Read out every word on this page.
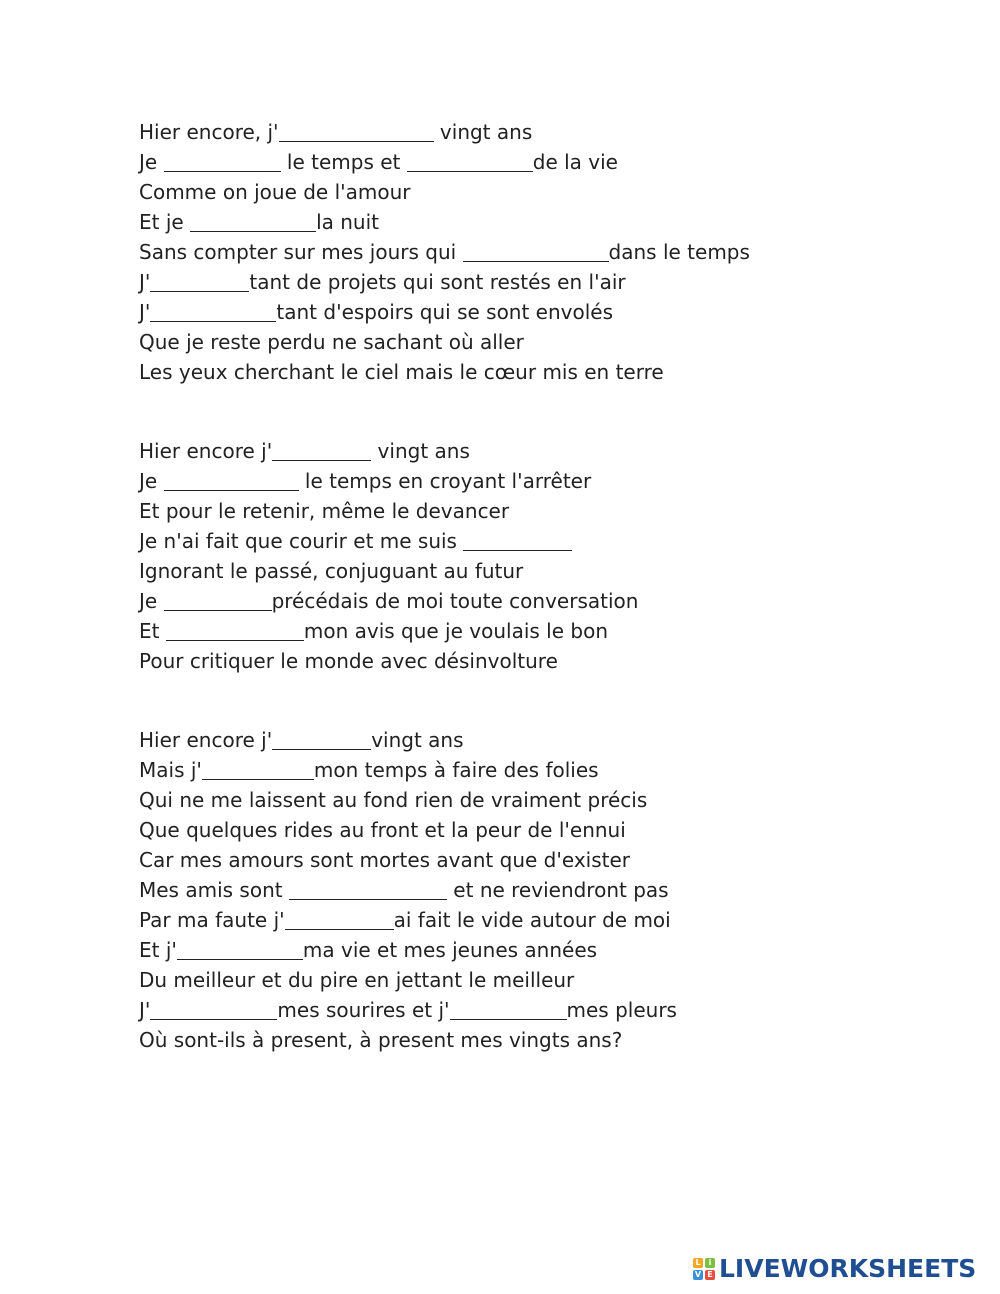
Hier encore, j'	vingt ans
Je	le temps et	de la vie
Comme on joue de l'amour
Et je	la nuit
Sans compter sur mes jours qui	dans le temps
J'	tant de projets qui sont restés en l'air
J'	tant d'espoirs qui se sont envolés
Que je reste perdu ne sachant où aller
Les yeux cherchant le ciel mais le cœur mis en terre
Hier encore j'	vingt ans
Je	le temps en croyant l'arrêter
Et pour le retenir, même le devancer
Je n'ai fait que courir et me suis
Ignorant le passé, conjuguant au futur
Je	précédais de moi toute conversation
Et	mon avis que je voulais le bon
Pour critiquer le monde avec désinvolture
Hier encore j'	vingt ans
Mais j'	mon temps à faire des folies
Qui ne me laissent au fond rien de vraiment précis
Que quelques rides au front et la peur de l'ennui
Car mes amours sont mortes avant que d'exister
Mes amis sont	et ne reviendront pas
Par ma faute j'	ai fait le vide autour de moi
Et j'	ma vie et mes jeunes années
Du meilleur et du pire en jettant le meilleur
J'	mes sourires et j'	mes pleurs
Où sont-ils à present, à present mes vingts ans?
L	i
V E LIVEWORKSHEETS
